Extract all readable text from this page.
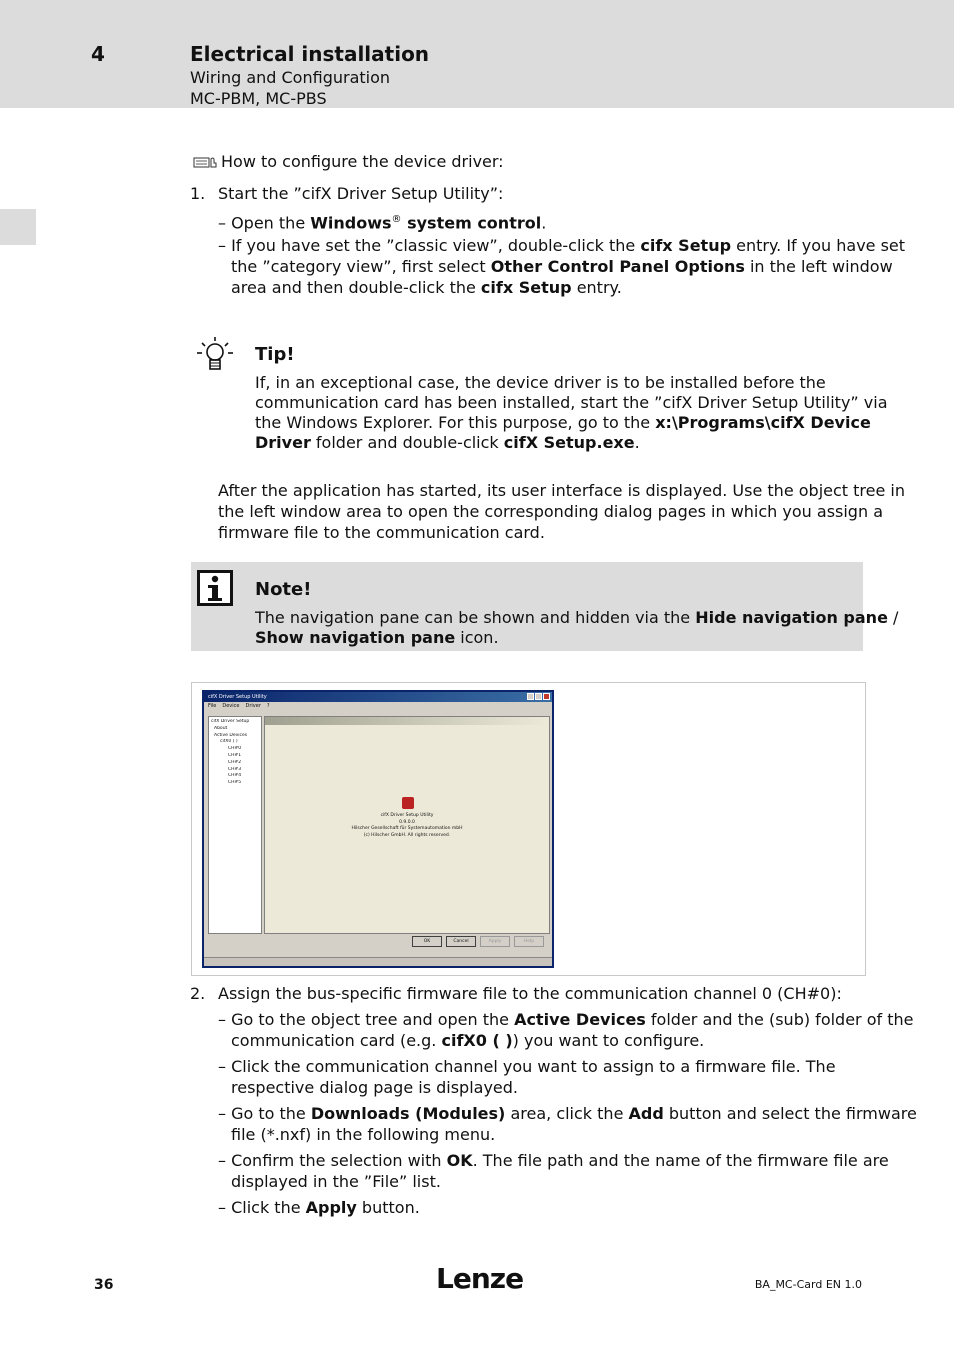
4	Electrical installation
Wiring and Configuration
MC-PBM, MC-PBS
How to configure the device driver:
1. Start the ”cifX Driver Setup Utility”:
– Open the Windows® system control.
– If you have set the ”classic view”, double-click the cifx Setup entry. If you have set
the ”category view”, first select Other Control Panel Options in the left window
area and then double-click the cifx Setup entry.
Tip!
If, in an exceptional case, the device driver is to be installed before the
communication card has been installed, start the ”cifX Driver Setup Utility” via
the Windows Explorer. For this purpose, go to the x:\Programs\cifX Device
Driver folder and double-click cifX Setup.exe.
After the application has started, its user interface is displayed. Use the object tree in
the left window area to open the corresponding dialog pages in which you assign a
firmware file to the communication card.
Note!
The navigation pane can be shown and hidden via the Hide navigation pane /
Show navigation pane icon.
cifX Driver Setup Utility
File Device Driver ?
cifX Driver Setup
About
Active Devices
cifX0 ( )
CH#0
CH#1
CH#2
CH#3
CH#4
CH#5
cifX Driver Setup Utility
0.9.0.0
Hilscher Gesellschaft für Systemautomation mbH
(c) Hilscher GmbH. All rights reserved.
OK	Cancel	Apply	Help
2. Assign the bus-specific firmware file to the communication channel 0 (CH#0):
– Go to the object tree and open the Active Devices folder and the (sub) folder of the
communication card (e.g. cifX0 ( )) you want to configure.
– Click the communication channel you want to assign to a firmware file. The
respective dialog page is displayed.
– Go to the Downloads (Modules) area, click the Add button and select the firmware
file (*.nxf) in the following menu.
– Confirm the selection with OK. The file path and the name of the firmware file are
displayed in the ”File” list.
– Click the Apply button.
36	Lenze	BA_MC-Card EN 1.0
